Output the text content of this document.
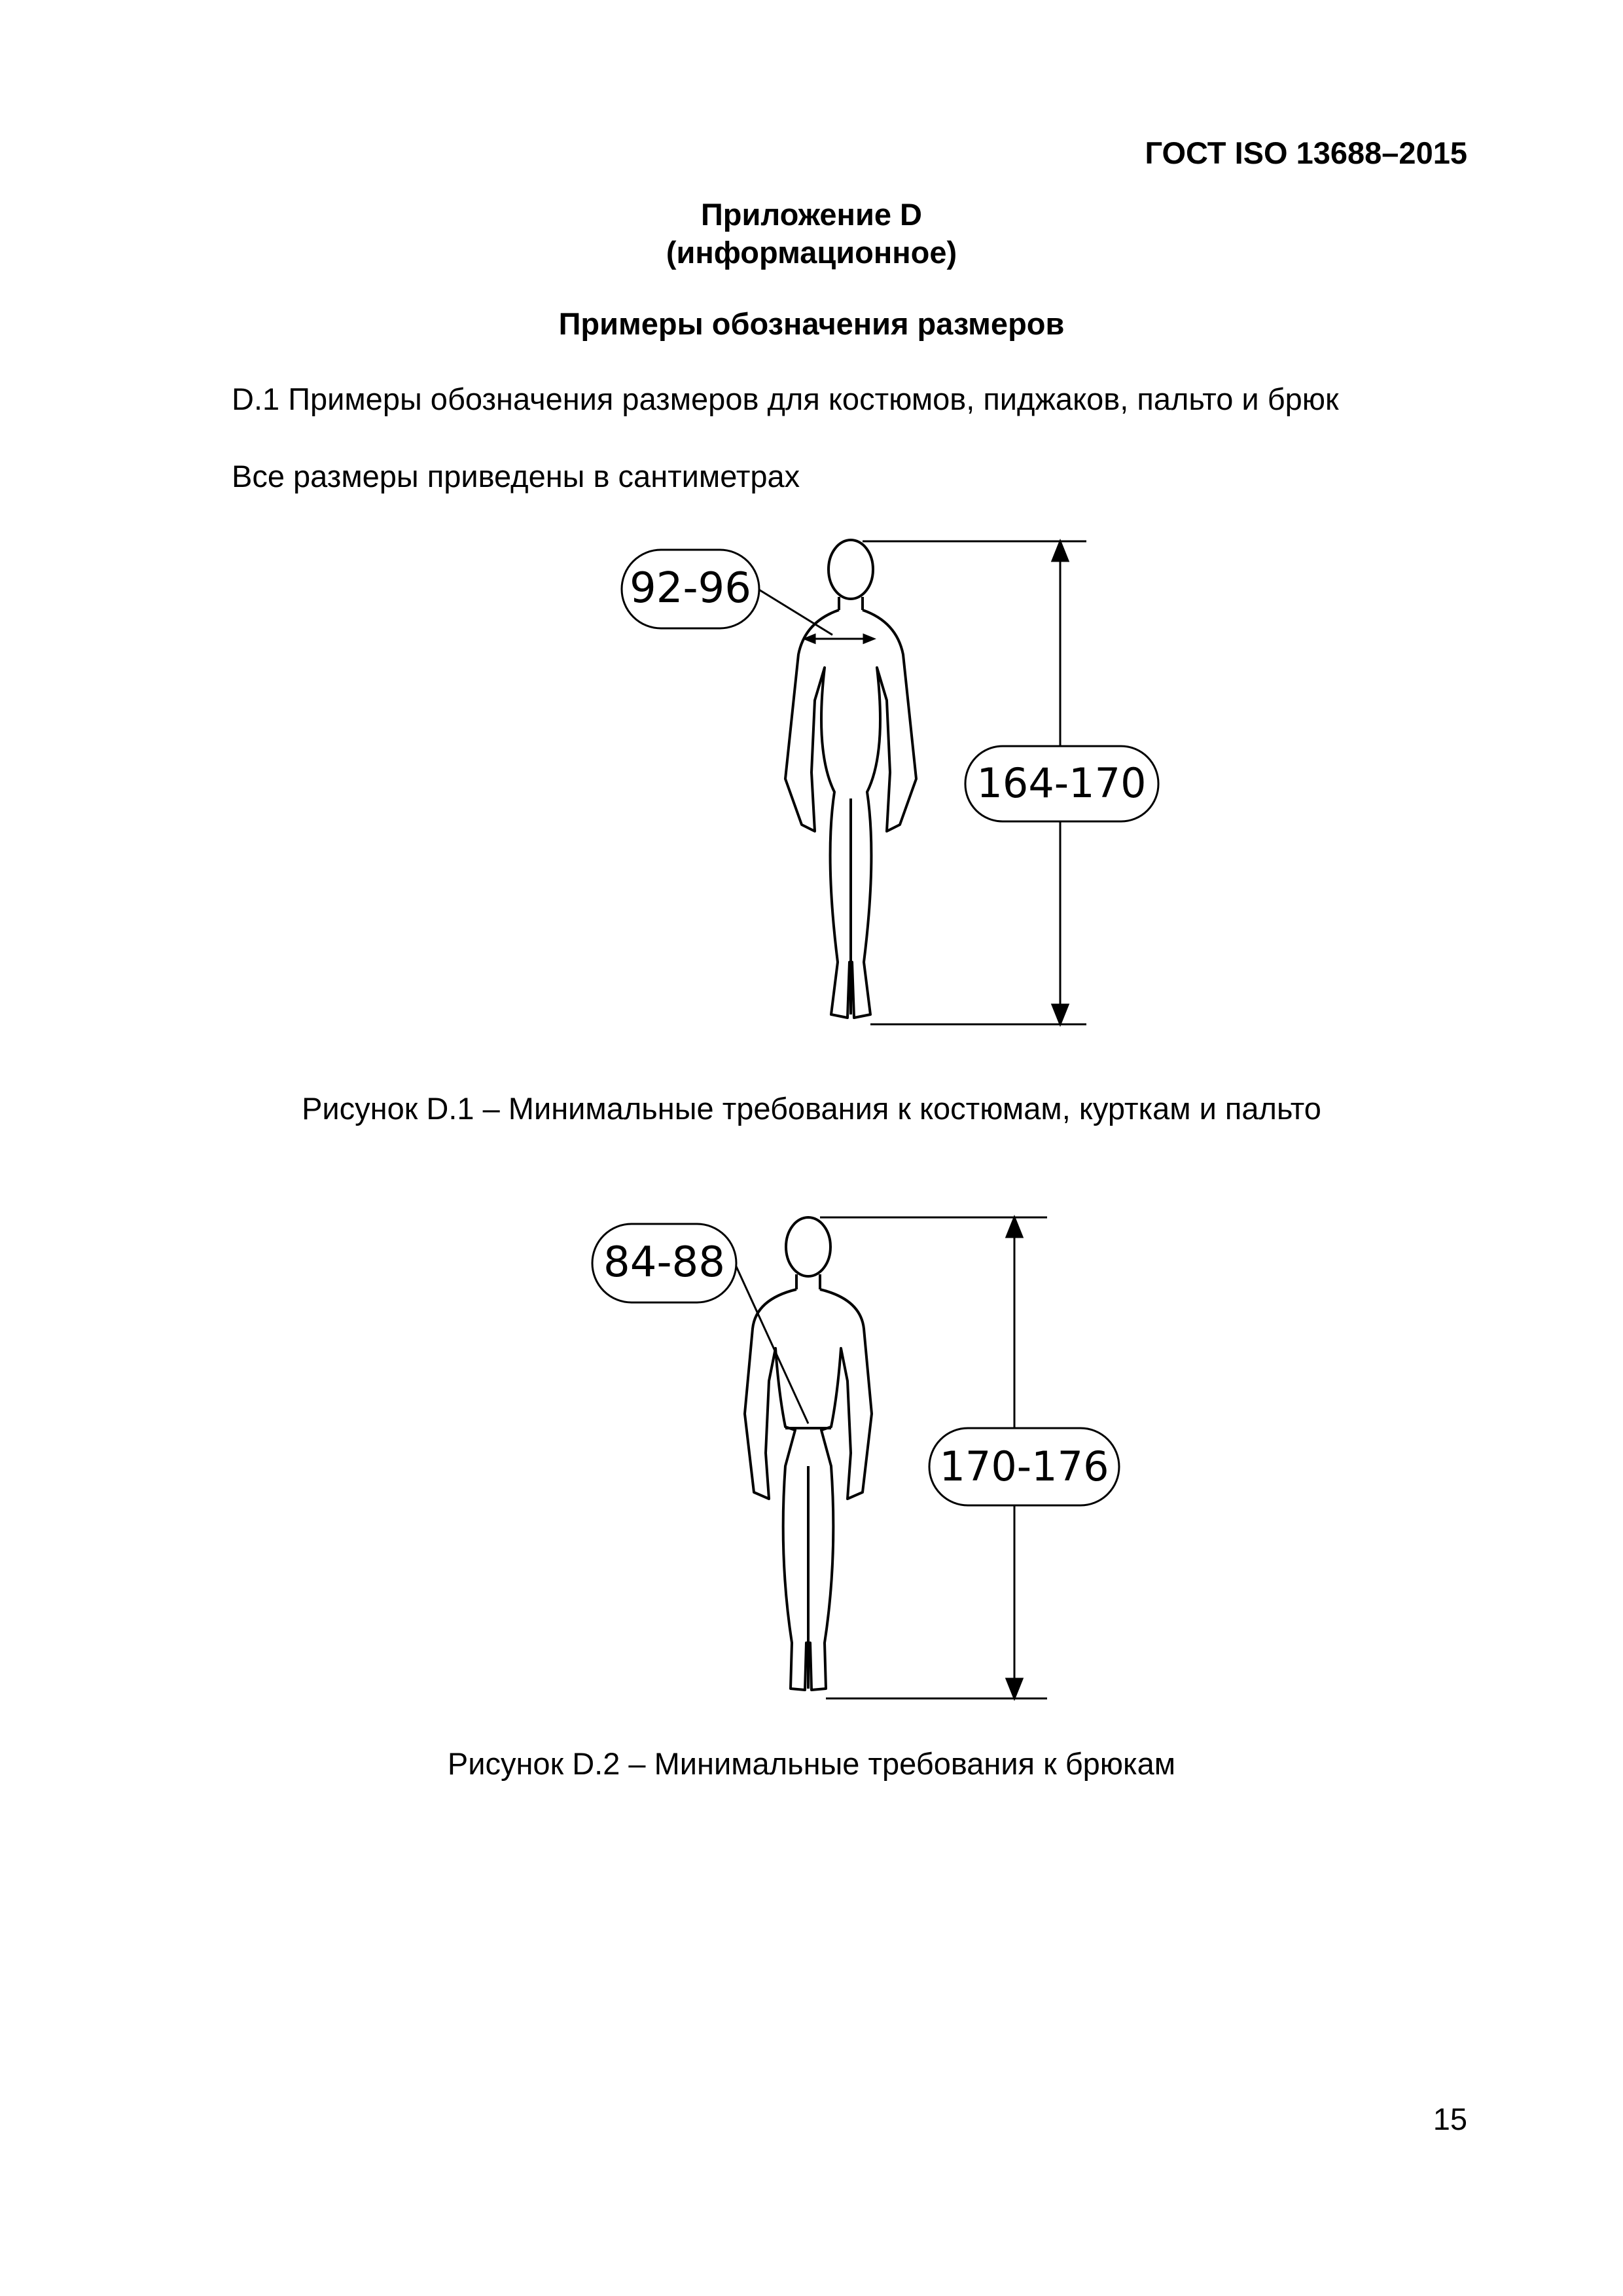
ГОСТ ISO 13688–2015
Приложение D
(информационное)
Примеры обозначения размеров
D.1 Примеры обозначения размеров для костюмов, пиджаков, пальто и брюк
Все размеры приведены в сантиметрах
92-96
164-170
Рисунок D.1 – Минимальные требования к костюмам, курткам и пальто
84-88
170-176
Рисунок D.2 – Минимальные требования к брюкам
15
